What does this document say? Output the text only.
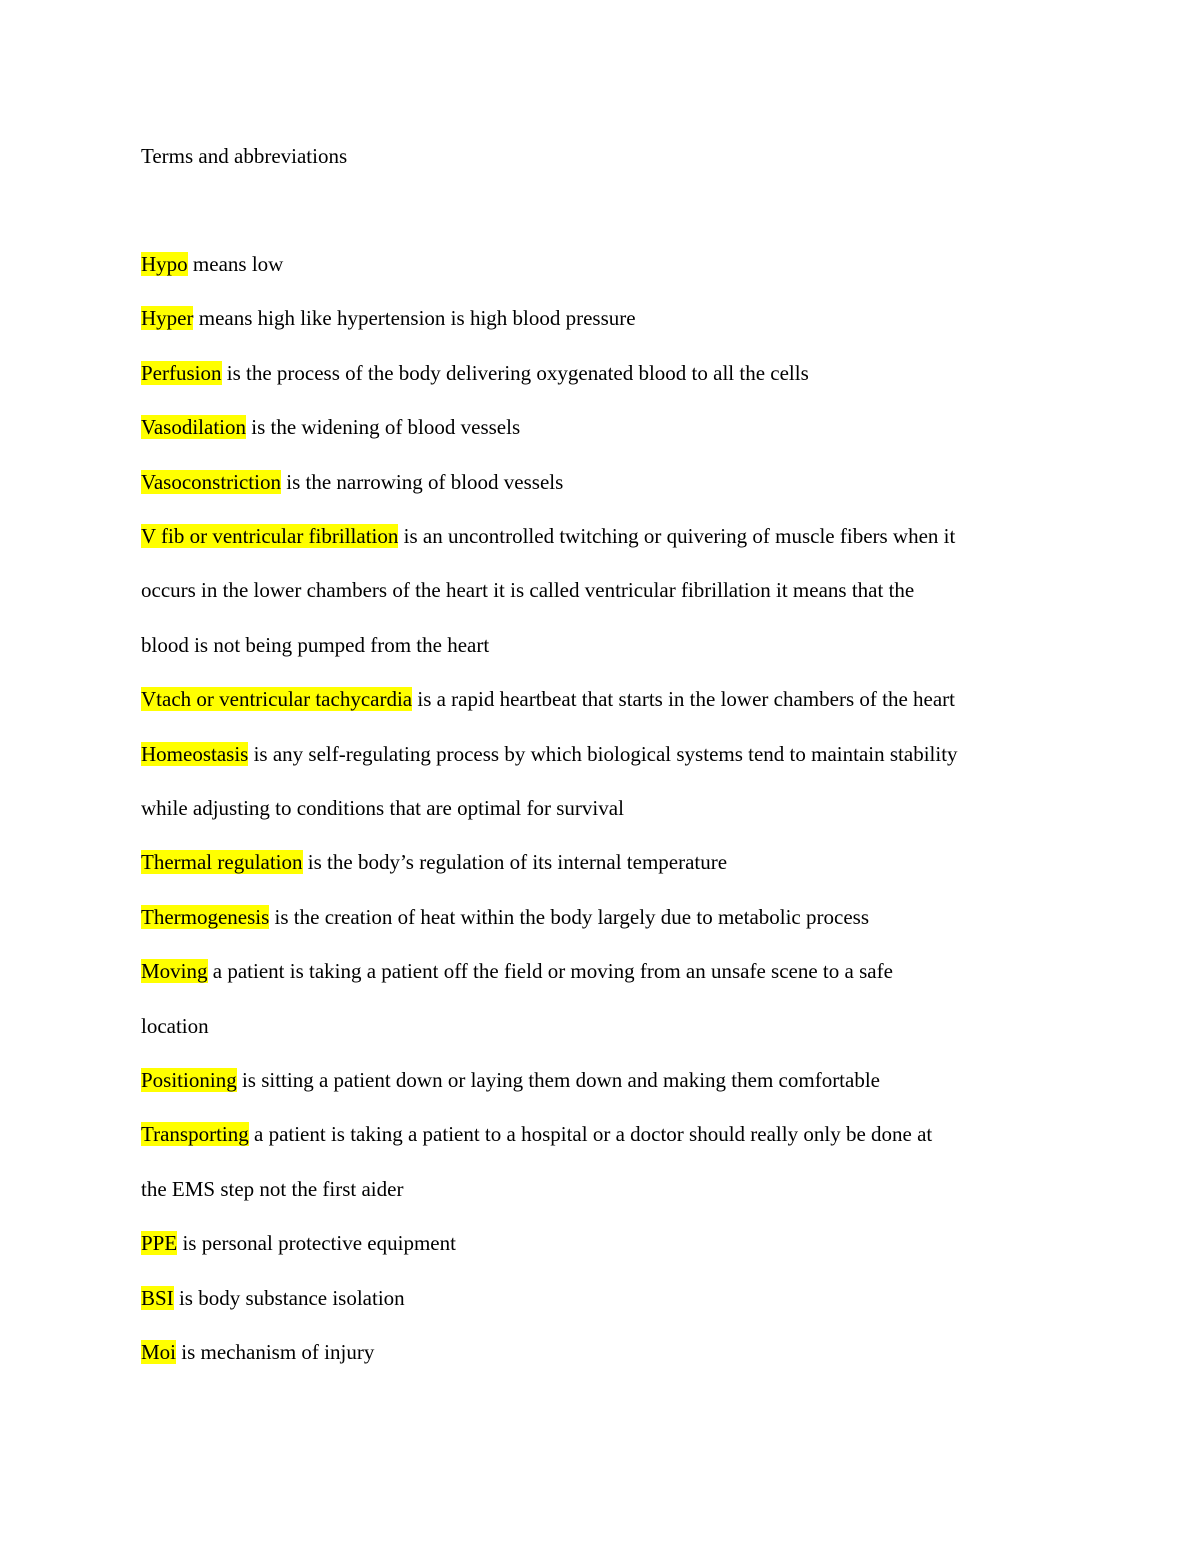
Terms and abbreviations

Hypo means low

Hyper means high like hypertension is high blood pressure

Perfusion is the process of the body delivering oxygenated blood to all the cells

Vasodilation is the widening of blood vessels

Vasoconstriction is the narrowing of blood vessels

V fib or ventricular fibrillation is an uncontrolled twitching or quivering of muscle fibers when it

occurs in the lower chambers of the heart it is called ventricular fibrillation it means that the

blood is not being pumped from the heart

Vtach or ventricular tachycardia is a rapid heartbeat that starts in the lower chambers of the heart

Homeostasis is any self-regulating process by which biological systems tend to maintain stability

while adjusting to conditions that are optimal for survival

Thermal regulation is the body’s regulation of its internal temperature

Thermogenesis is the creation of heat within the body largely due to metabolic process

Moving a patient is taking a patient off the field or moving from an unsafe scene to a safe

location

Positioning is sitting a patient down or laying them down and making them comfortable

Transporting a patient is taking a patient to a hospital or a doctor should really only be done at

the EMS step not the first aider

PPE is personal protective equipment

BSI is body substance isolation

Moi is mechanism of injury
